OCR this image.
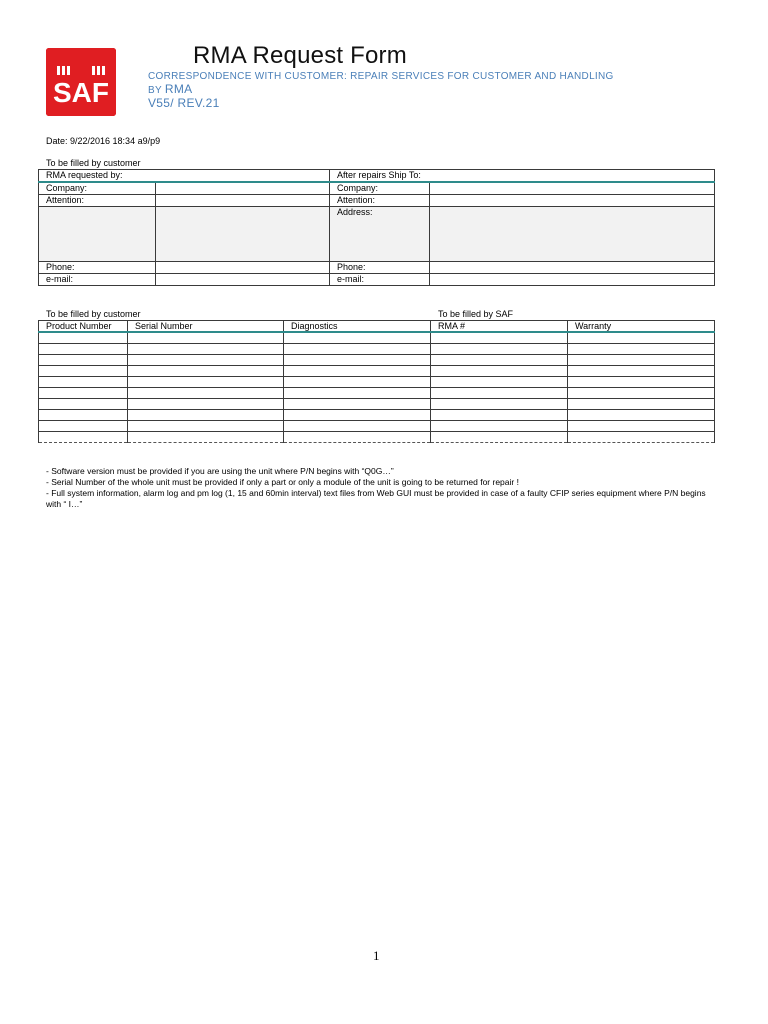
SAF
RMA Request Form
CORRESPONDENCE WITH CUSTOMER: REPAIR SERVICES FOR CUSTOMER AND HANDLING BY RMA
V55/ REV.21
Date: 9/22/2016 18:34 a9/p9
To be filled by customer
RMA requested by:		After repairs Ship To:	
Company:		Company:	
Attention:		Attention:	
		Address:	
Phone:		Phone:	
e-mail:		e-mail:	
To be filled by customer	To be filled by SAF
Product Number	Serial Number	Diagnostics	RMA #	Warranty

- Software version must be provided if you are using the unit where P/N begins with “Q0G…”
- Serial Number of the whole unit must be provided if only a part or only a module of the unit is going to be returned for repair !
- Full system information, alarm log and pm log (1, 15 and 60min interval) text files from Web GUI must be provided in case of a faulty CFIP series equipment where P/N begins with “ I…”
1
